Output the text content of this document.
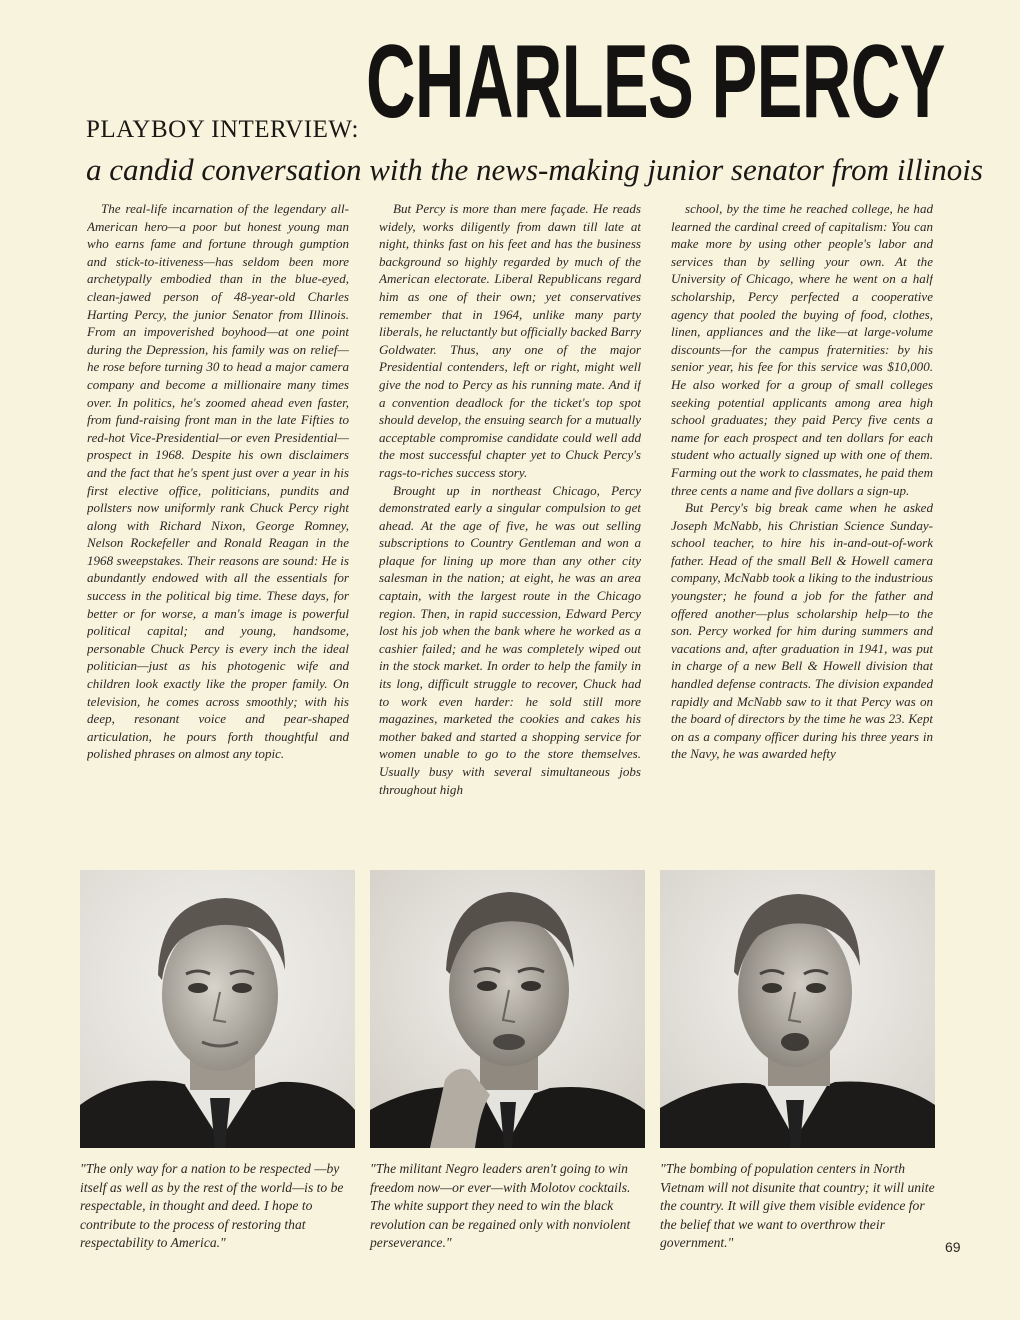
PLAYBOY INTERVIEW: CHARLES PERCY
a candid conversation with the news-making junior senator from illinois

The real-life incarnation of the legendary all-American hero—a poor but honest young man who earns fame and fortune through gumption and stick-to-itiveness—has seldom been more archetypally embodied than in the blue-eyed, clean-jawed person of 48-year-old Charles Harting Percy, the junior Senator from Illinois. From an impoverished boyhood—at one point during the Depression, his family was on relief—he rose before turning 30 to head a major camera company and become a millionaire many times over. In politics, he's zoomed ahead even faster, from fund-raising front man in the late Fifties to red-hot Vice-Presidential—or even Presidential—prospect in 1968. Despite his own disclaimers and the fact that he's spent just over a year in his first elective office, politicians, pundits and pollsters now uniformly rank Chuck Percy right along with Richard Nixon, George Romney, Nelson Rockefeller and Ronald Reagan in the 1968 sweepstakes. Their reasons are sound: He is abundantly endowed with all the essentials for success in the political big time. These days, for better or for worse, a man's image is powerful political capital; and young, handsome, personable Chuck Percy is every inch the ideal politician—just as his photogenic wife and children look exactly like the proper family. On television, he comes across smoothly; with his deep, resonant voice and pear-shaped articulation, he pours forth thoughtful and polished phrases on almost any topic.

But Percy is more than mere façade. He reads widely, works diligently from dawn till late at night, thinks fast on his feet and has the business background so highly regarded by much of the American electorate. Liberal Republicans regard him as one of their own; yet conservatives remember that in 1964, unlike many party liberals, he reluctantly but officially backed Barry Goldwater. Thus, any one of the major Presidential contenders, left or right, might well give the nod to Percy as his running mate. And if a convention deadlock for the ticket's top spot should develop, the ensuing search for a mutually acceptable compromise candidate could well add the most successful chapter yet to Chuck Percy's rags-to-riches success story.

Brought up in northeast Chicago, Percy demonstrated early a singular compulsion to get ahead. At the age of five, he was out selling subscriptions to Country Gentleman and won a plaque for lining up more than any other city salesman in the nation; at eight, he was an area captain, with the largest route in the Chicago region. Then, in rapid succession, Edward Percy lost his job when the bank where he worked as a cashier failed; and he was completely wiped out in the stock market. In order to help the family in its long, difficult struggle to recover, Chuck had to work even harder: he sold still more magazines, marketed the cookies and cakes his mother baked and started a shopping service for women unable to go to the store themselves. Usually busy with several simultaneous jobs throughout high

school, by the time he reached college, he had learned the cardinal creed of capitalism: You can make more by using other people's labor and services than by selling your own. At the University of Chicago, where he went on a half scholarship, Percy perfected a cooperative agency that pooled the buying of food, clothes, linen, appliances and the like—at large-volume discounts—for the campus fraternities: by his senior year, his fee for this service was $10,000. He also worked for a group of small colleges seeking potential applicants among area high school graduates; they paid Percy five cents a name for each prospect and ten dollars for each student who actually signed up with one of them. Farming out the work to classmates, he paid them three cents a name and five dollars a sign-up.

But Percy's big break came when he asked Joseph McNabb, his Christian Science Sunday-school teacher, to hire his in-and-out-of-work father. Head of the small Bell & Howell camera company, McNabb took a liking to the industrious youngster; he found a job for the father and offered another—plus scholarship help—to the son. Percy worked for him during summers and vacations and, after graduation in 1941, was put in charge of a new Bell & Howell division that handled defense contracts. The division expanded rapidly and McNabb saw to it that Percy was on the board of directors by the time he was 23. Kept on as a company officer during his three years in the Navy, he was awarded hefty

"The only way for a nation to be respected —by itself as well as by the rest of the world—is to be respectable, in thought and deed. I hope to contribute to the process of restoring that respectability to America."
"The militant Negro leaders aren't going to win freedom now—or ever—with Molotov cocktails. The white support they need to win the black revolution can be regained only with nonviolent perseverance."
"The bombing of population centers in North Vietnam will not disunite that country; it will unite the country. It will give them visible evidence for the belief that we want to overthrow their government."	69
